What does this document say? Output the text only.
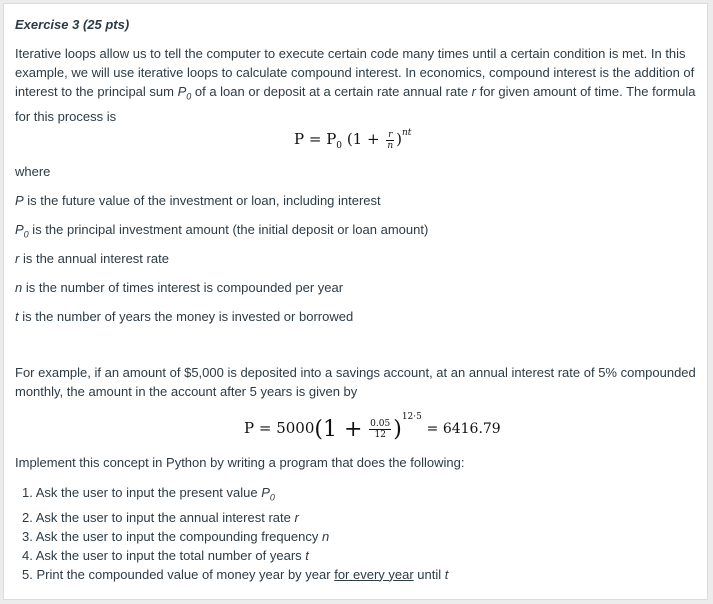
Exercise 3 (25 pts)
Iterative loops allow us to tell the computer to execute certain code many times until a certain condition is met. In this
example, we will use iterative loops to calculate compound interest. In economics, compound interest is the addition of
interest to the principal sum $P_0$ of a loan or deposit at a certain rate annual rate r for given amount of time. The formula
for this process is
$P = P_0$ $(1 + \frac{r}{n} )^{nt}$
where
P is the future value of the investment or loan, including interest
$P_0$ is the principal investment amount (the initial deposit or loan amount)
r is the annual interest rate
n is the number of times interest is compounded per year
t is the number of years the money is invested or borrowed
For example, if an amount of $5,000 is deposited into a savings account, at an annual interest rate of 5% compounded
monthly, the amount in the account after 5 years is given by
$P = 5000(1 + \frac{0.05}{12} )^{12\cdot 5} = 6416.79$
Implement this concept in Python by writing a program that does the following:
1. Ask the user to input the present value $P_0$
2. Ask the user to input the annual interest rate r
3. Ask the user to input the compounding frequency n
4. Ask the user to input the total number of years t
5. Print the compounded value of money year by year for every year until t
